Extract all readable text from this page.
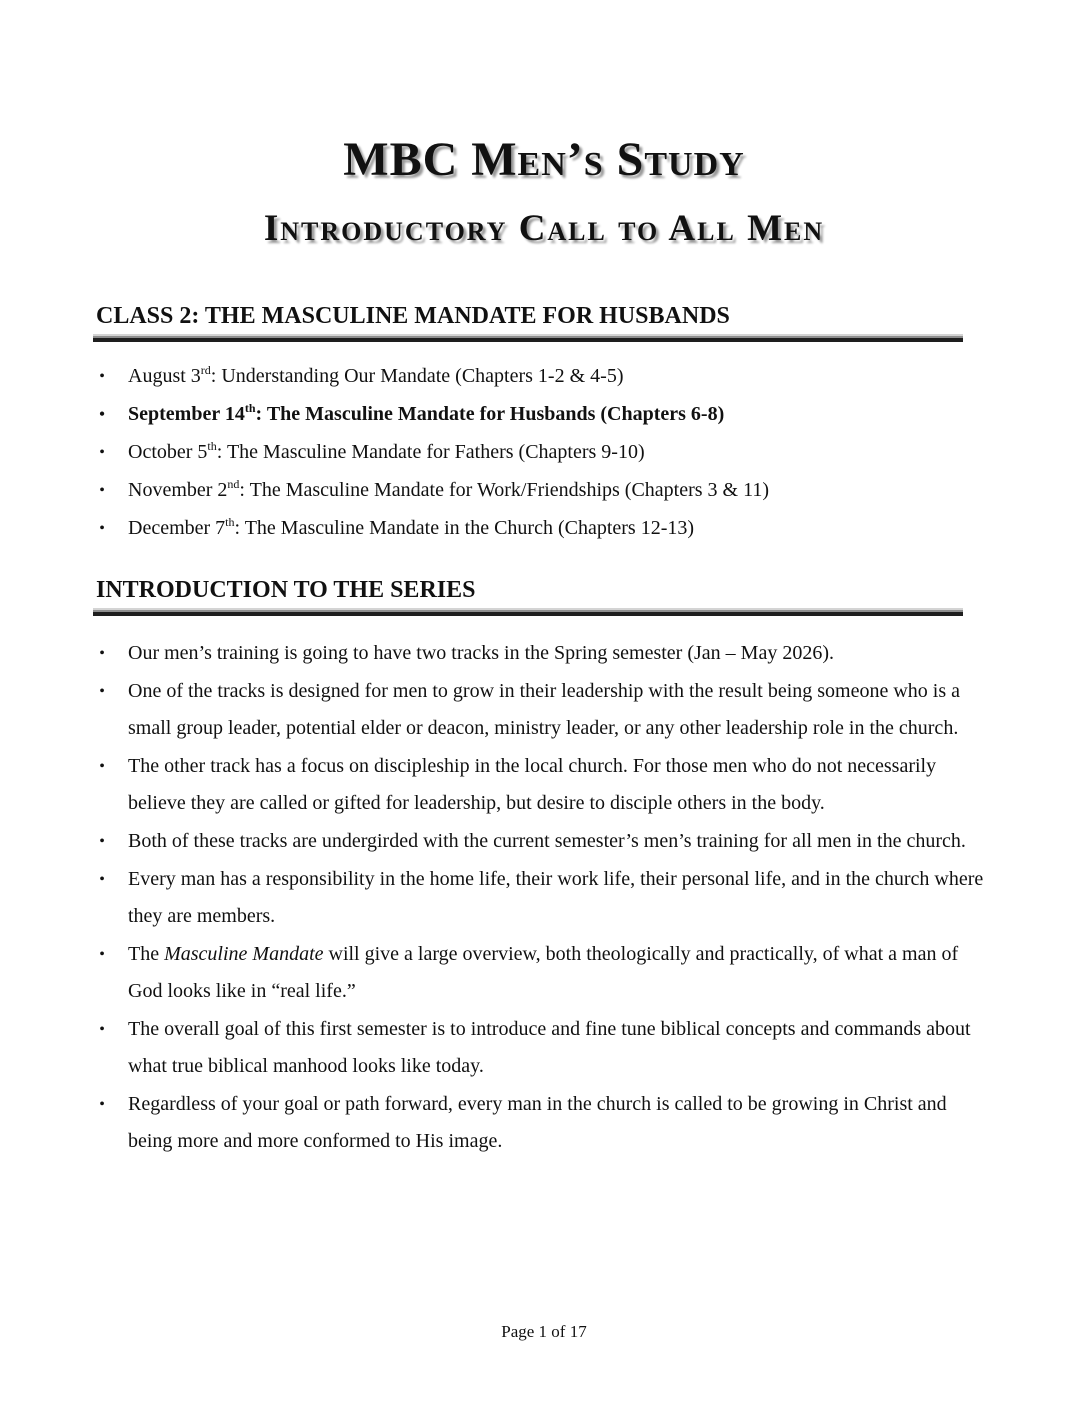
MBC Men’s Study
Introductory Call to All Men
CLASS 2: THE MASCULINE MANDATE FOR HUSBANDS
• August 3rd: Understanding Our Mandate (Chapters 1-2 & 4-5)
• September 14th: The Masculine Mandate for Husbands (Chapters 6-8)
• October 5th: The Masculine Mandate for Fathers (Chapters 9-10)
• November 2nd: The Masculine Mandate for Work/Friendships (Chapters 3 & 11)
• December 7th: The Masculine Mandate in the Church (Chapters 12-13)
INTRODUCTION TO THE SERIES
• Our men’s training is going to have two tracks in the Spring semester (Jan – May 2026).
• One of the tracks is designed for men to grow in their leadership with the result being someone who is a small group leader, potential elder or deacon, ministry leader, or any other leadership role in the church.
• The other track has a focus on discipleship in the local church. For those men who do not necessarily believe they are called or gifted for leadership, but desire to disciple others in the body.
• Both of these tracks are undergirded with the current semester’s men’s training for all men in the church.
• Every man has a responsibility in the home life, their work life, their personal life, and in the church where they are members.
• The Masculine Mandate will give a large overview, both theologically and practically, of what a man of God looks like in “real life.”
• The overall goal of this first semester is to introduce and fine tune biblical concepts and commands about what true biblical manhood looks like today.
• Regardless of your goal or path forward, every man in the church is called to be growing in Christ and being more and more conformed to His image.
Page 1 of 17
